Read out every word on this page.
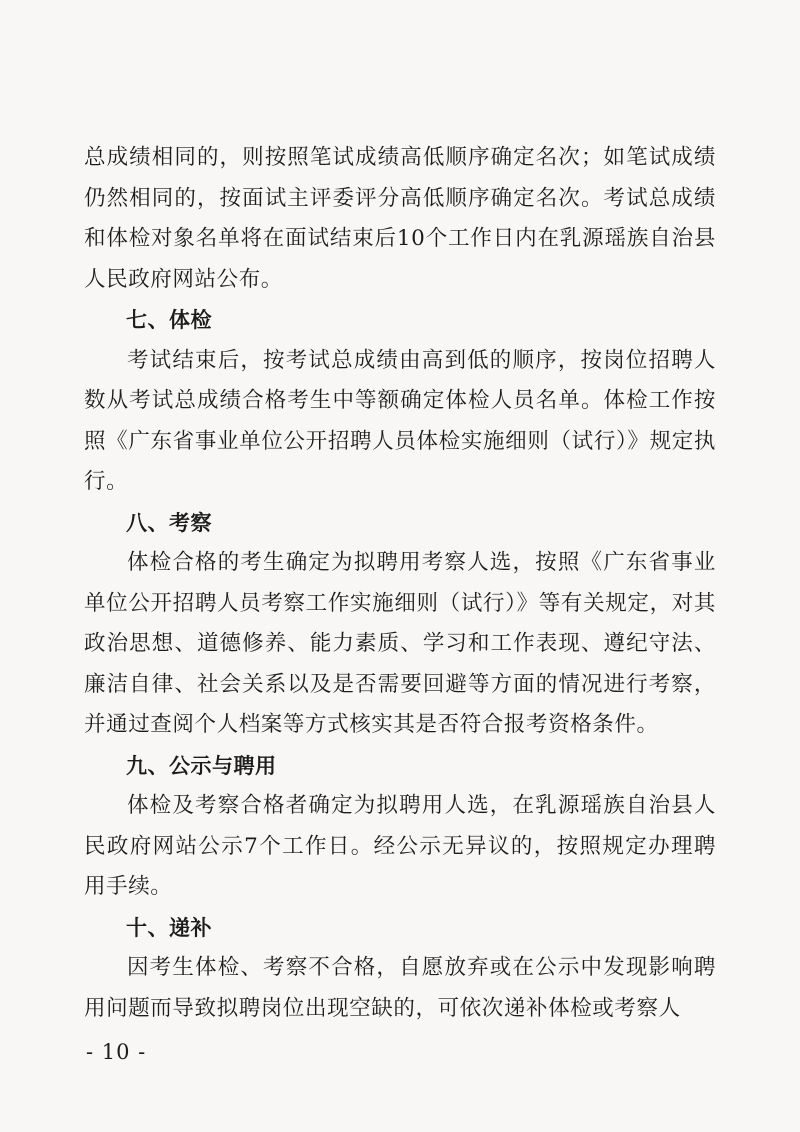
总成绩相同的，则按照笔试成绩高低顺序确定名次；如笔试成绩仍然相同的，按面试主评委评分高低顺序确定名次。考试总成绩和体检对象名单将在面试结束后10个工作日内在乳源瑶族自治县人民政府网站公布。

七、体检

考试结束后，按考试总成绩由高到低的顺序，按岗位招聘人数从考试总成绩合格考生中等额确定体检人员名单。体检工作按照《广东省事业单位公开招聘人员体检实施细则（试行）》规定执行。

八、考察

体检合格的考生确定为拟聘用考察人选，按照《广东省事业单位公开招聘人员考察工作实施细则（试行）》等有关规定，对其政治思想、道德修养、能力素质、学习和工作表现、遵纪守法、廉洁自律、社会关系以及是否需要回避等方面的情况进行考察，并通过查阅个人档案等方式核实其是否符合报考资格条件。

九、公示与聘用

体检及考察合格者确定为拟聘用人选，在乳源瑶族自治县人民政府网站公示7个工作日。经公示无异议的，按照规定办理聘用手续。

十、递补

因考生体检、考察不合格，自愿放弃或在公示中发现影响聘用问题而导致拟聘岗位出现空缺的，可依次递补体检或考察人

- 10 -
